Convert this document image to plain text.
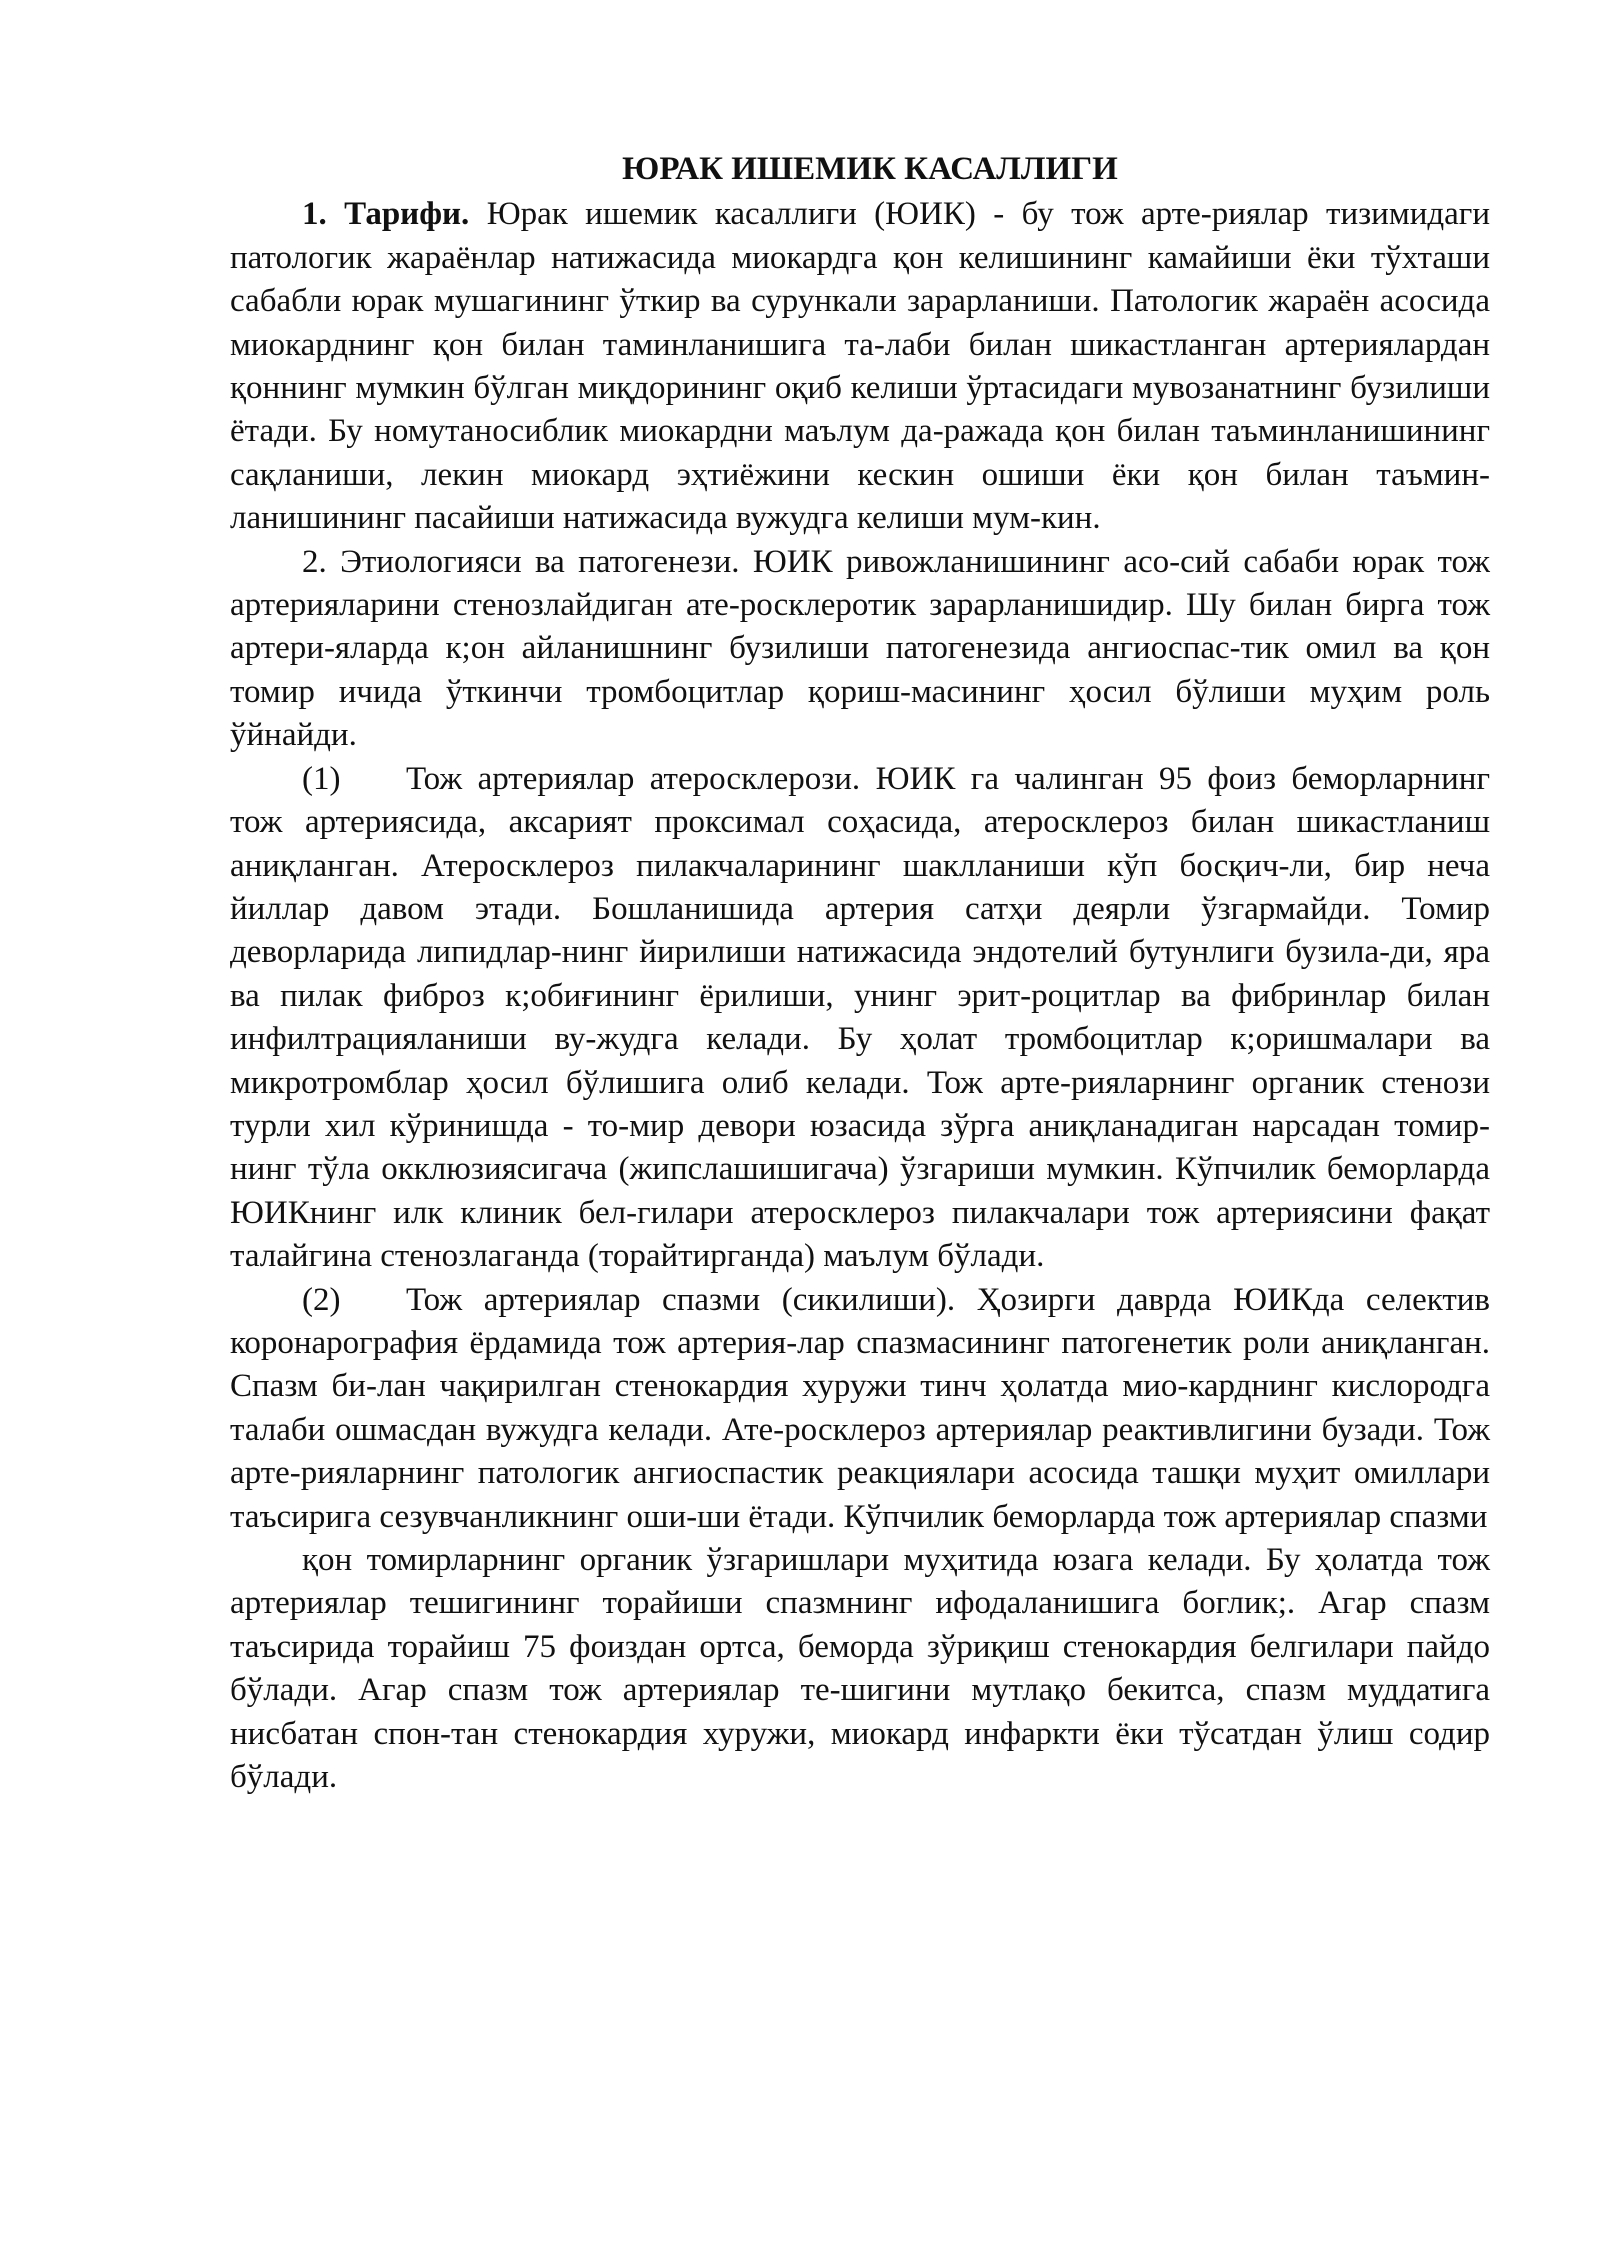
ЮРАК ИШЕМИК КАСАЛЛИГИ

1. Тарифи. Юрак ишемик касаллиги (ЮИК) - бу тож арте-риялар тизимидаги патологик жараёнлар натижасида миокардга қон келишининг камайиши ёки тўхташи сабабли юрак мушагининг ўткир ва сурункали зарарланиши. Патологик жараён асосида миокарднинг қон билан таминланишига та-лаби билан шикастланган артериялардан қоннинг мумкин бўлган миқдорининг оқиб келиши ўртасидаги мувозанатнинг бузилиши ётади. Бу номутаносиблик миокардни маълум да-ражада қон билан таъминланишининг сақланиши, лекин миокард эҳтиёжини кескин ошиши ёки қон билан таъмин-ланишининг пасайиши натижасида вужудга келиши мум-кин.

2. Этиологияси ва патогенези. ЮИК ривожланишининг асо-сий сабаби юрак тож артерияларини стенозлайдиган ате-росклеротик зарарланишидир. Шу билан бирга тож артери-яларда к;он айланишнинг бузилиши патогенезида ангиоспас-тик омил ва қон томир ичида ўткинчи тромбоцитлар қориш-масининг ҳосил бўлиши муҳим роль ўйнайди.

(1) Тож артериялар атеросклерози. ЮИК га чалинган 95 фоиз беморларнинг тож артериясида, аксарият проксимал соҳасида, атеросклероз билан шикастланиш аниқланган. Атеросклероз пилакчаларининг шаклланиши кўп босқич-ли, бир неча йиллар давом этади. Бошланишида артерия сатҳи деярли ўзгармайди. Томир деворларида липидлар-нинг йирилиши натижасида эндотелий бутунлиги бузила-ди, яра ва пилак фиброз к;обиғининг ёрилиши, унинг эрит-роцитлар ва фибринлар билан инфилтрацияланиши ву-жудга келади. Бу ҳолат тромбоцитлар к;оришмалари ва микротромблар ҳосил бўлишига олиб келади. Тож арте-рияларнинг органик стенози турли хил кўринишда - то-мир девори юзасида зўрга аниқланадиган нарсадан томир-нинг тўла окклюзиясигача (жипслашишигача) ўзгариши мумкин. Кўпчилик беморларда ЮИКнинг илк клиник бел-гилари атеросклероз пилакчалари тож артериясини фақат талайгина стенозлаганда (торайтирганда) маълум бўлади.

(2) Тож артериялар спазми (сикилиши). Ҳозирги даврда ЮИКда селектив коронарография ёрдамида тож артерия-лар спазмасининг патогенетик роли аниқланган. Спазм би-лан чақирилган стенокардия хуружи тинч ҳолатда мио-карднинг кислородга талаби ошмасдан вужудга келади. Ате-росклероз артериялар реактивлигини бузади. Тож арте-рияларнинг патологик ангиоспастик реакциялари асосида ташқи муҳит омиллари таъсирига сезувчанликнинг оши-ши ётади. Кўпчилик беморларда тож артериялар спазми

қон томирларнинг органик ўзгаришлари муҳитида юзага келади. Бу ҳолатда тож артериялар тешигининг торайиши спазмнинг ифодаланишига боглик;. Агар спазм таъсирида торайиш 75 фоиздан ортса, беморда зўриқиш стенокардия белгилари пайдо бўлади. Агар спазм тож артериялар те-шигини мутлақо бекитса, спазм муддатига нисбатан спон-тан стенокардия хуружи, миокард инфаркти ёки тўсатдан ўлиш содир бўлади.
